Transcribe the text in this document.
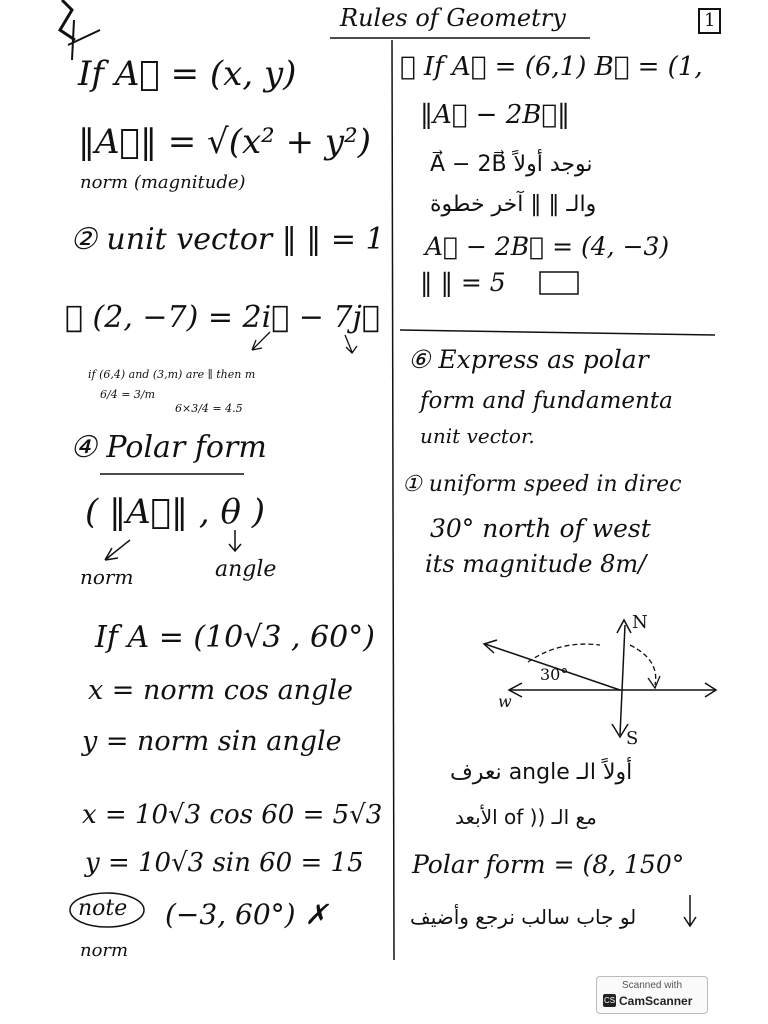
Rules of Geometry	1
If A⃗ = (x, y)
‖A⃗‖ = √(x² + y²)
norm (magnitude)
② unit vector ‖ ‖ = 1
③ (2, −7) = 2i⃗ − 7j⃗
if (6,4) and (3,m) are ∥ then m
6/4 = 3/m
6×3/4 = 4.5
④ Polar form
( ‖A⃗‖ , θ )
norm	angle
If A = (10√3 , 60°)
x = norm cos angle
y = norm sin angle
x = 10√3 cos 60 = 5√3
y = 10√3 sin 60 = 15
note (−3, 60°) ✗
norm
⑤ If A⃗ = (6,1) B⃗ = (1,
‖A⃗ − 2B⃗‖
نوجد أولاً A⃗ − 2B⃗
والـ ‖ ‖ آخر خطوة
A⃗ − 2B⃗ = (4, −3)
‖ ‖ = 5
⑥ Express as polar
form and fundamenta
unit vector.
① uniform speed in direc
30° north of west
its magnitude 8m/
N
S
w
30°
أولاً الـ angle نعرف
مع الـ (( of الأبعد
Polar form = (8, 150°
لو جاب سالب نرجع وأضيف
Scanned with
CS CamScanner
